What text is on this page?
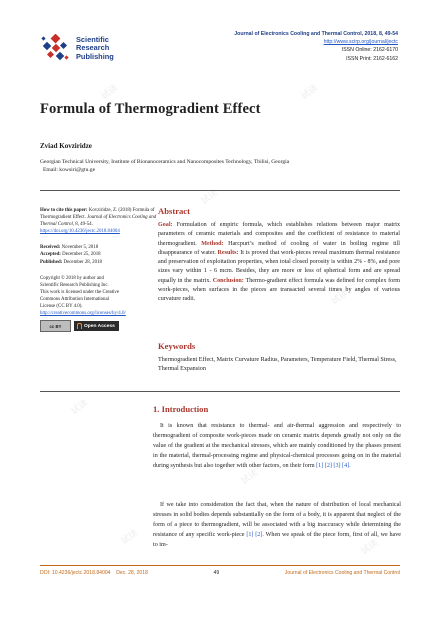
试读	试读
试读
试读
试读
试读
试读
试读
Scientific
Research
Publishing
Journal of Electronics Cooling and Thermal Control, 2018, 8, 49-54
http://www.scirp.org/journal/jectc
ISSN Online: 2162-6170
ISSN Print: 2162-6162
Formula of Thermogradient Effect
Zviad Kovziridze
Georgian Technical University, Institute of Bionanoceramics and Nanocomposites Technology, Tbilisi, Georgia
Email: kowsiri@gtu.ge

How to cite this paper: Kovziridze, Z. (2018) Formula of Thermogradient Effect. Journal of Electronics Cooling and Thermal Control, 8, 49-54.
https://doi.org/10.4236/jectc.2018.84004

Received: November 5, 2018
Accepted: December 25, 2018
Published: December 28, 2018

Copyright © 2018 by author and
Scientific Research Publishing Inc.
This work is licensed under the Creative
Commons Attribution International
License (CC BY 4.0).
http://creativecommons.org/licenses/by/4.0/

cc BY	Open Access
Abstract
Goal: Formulation of empiric formula, which establishes relations between major matrix parameters of ceramic materials and composites and the coefficient of resistance to material thermogradient. Method: Harcpurt’s method of cooling of water in boiling regime till disappearance of water. Results: It is proved that work-pieces reveal maximum thermal resistance and preservation of exploitation properties, when total closed porosity is within 2% - 8%, and pore sizes vary within 1 - 6 mcm. Besides, they are more or less of spherical form and are spread equally in the matrix. Conclusion: Thermo-gradient effect formula was defined for complex form work-pieces, when surfaces in the pieces are transacted several times by angles of various curvature radii.
Keywords
Thermogradient Effect, Matrix Curvature Radius, Parameters, Temperature Field, Thermal Stress, Thermal Expansion
1. Introduction
It is known that resistance to thermal- and air-thermal aggression and respectively to thermogradient of composite work-pieces made on ceramic matrix depends greatly not only on the value of the gradient at the mechanical stresses, which are mainly conditioned by the phases present in the material, thermal-processing regime and physical-chemical processes going on in the material during synthesis but also together with other factors, on their form [1] [2] [3] [4].
If we take into consideration the fact that, when the nature of distribution of local mechanical stresses in solid bodies depends substantially on the form of a body, it is apparent that neglect of the form of a piece to thermogradient, will be associated with a big inaccuracy while determining the resistance of any specific work-piece [1] [2]. When we speak of the piece form, first of all, we have to im-
DOI: 10.4236/jectc.2018.84004 Dec. 28, 2018	49	Journal of Electronics Cooling and Thermal Control
